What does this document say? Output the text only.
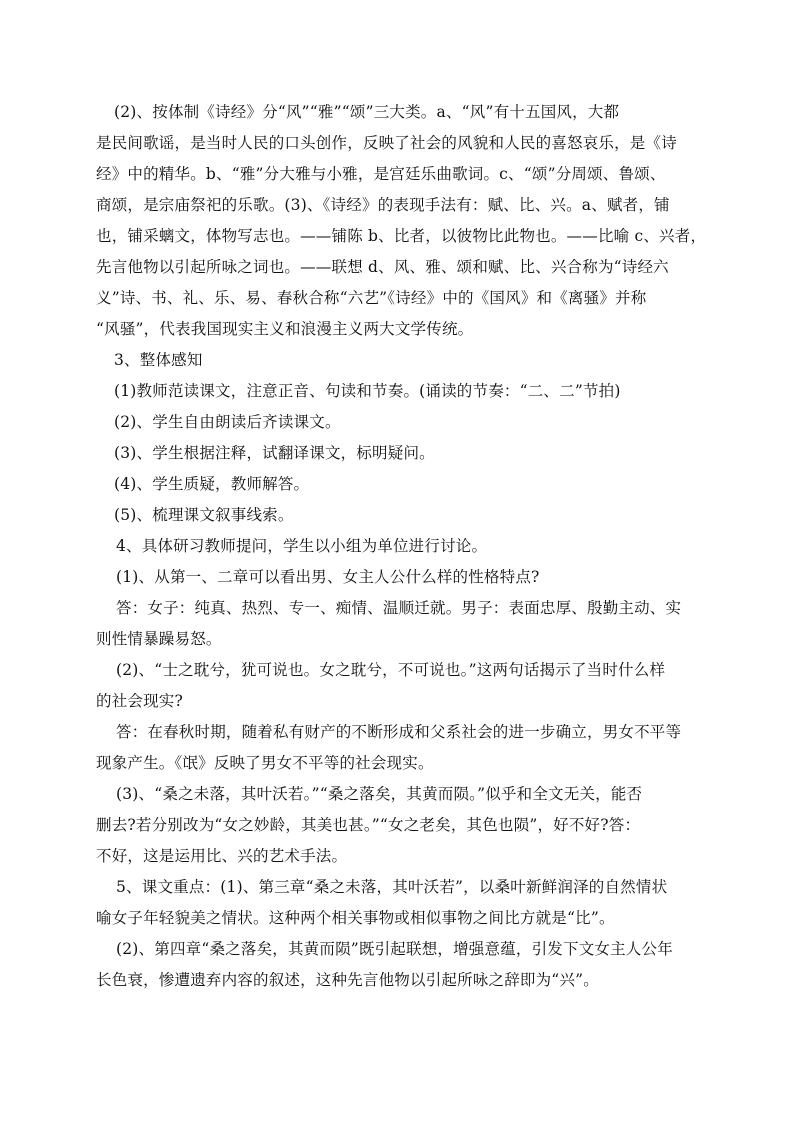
(2)、按体制《诗经》分“风”“雅”“颂”三大类。a、“风”有十五国风，大都
是民间歌谣，是当时人民的口头创作，反映了社会的风貌和人民的喜怒哀乐，是《诗
经》中的精华。b、“雅”分大雅与小雅，是宫廷乐曲歌词。c、“颂”分周颂、鲁颂、
商颂，是宗庙祭祀的乐歌。(3)、《诗经》的表现手法有：赋、比、兴。a、赋者，铺
也，铺采螭文，体物写志也。——铺陈 b、比者，以彼物比此物也。——比喻 c、兴者，
先言他物以引起所咏之词也。——联想 d、风、雅、颂和赋、比、兴合称为“诗经六
义”诗、书、礼、乐、易、春秋合称“六艺”《诗经》中的《国风》和《离骚》并称
“风骚”，代表我国现实主义和浪漫主义两大文学传统。
3、整体感知
(1)教师范读课文，注意正音、句读和节奏。(诵读的节奏：“二、二”节拍)
(2)、学生自由朗读后齐读课文。
(3)、学生根据注释，试翻译课文，标明疑问。
(4)、学生质疑，教师解答。
(5)、梳理课文叙事线索。
4、具体研习教师提问，学生以小组为单位进行讨论。
(1)、从第一、二章可以看出男、女主人公什么样的性格特点?
答：女子：纯真、热烈、专一、痴情、温顺迁就。男子：表面忠厚、殷勤主动、实
则性情暴躁易怒。
(2)、“士之耽兮，犹可说也。女之耽兮，不可说也。”这两句话揭示了当时什么样
的社会现实?
答：在春秋时期，随着私有财产的不断形成和父系社会的进一步确立，男女不平等
现象产生。《氓》反映了男女不平等的社会现实。
(3)、“桑之未落，其叶沃若。”“桑之落矣，其黄而陨。”似乎和全文无关，能否
删去?若分别改为“女之妙龄，其美也甚。”“女之老矣，其色也陨”，好不好?答：
不好，这是运用比、兴的艺术手法。
5、课文重点：(1)、第三章“桑之未落，其叶沃若”，以桑叶新鲜润泽的自然情状
喻女子年轻貌美之情状。这种两个相关事物或相似事物之间比方就是“比”。
(2)、第四章“桑之落矣，其黄而陨”既引起联想，增强意蕴，引发下文女主人公年
长色衰，惨遭遗弃内容的叙述，这种先言他物以引起所咏之辞即为“兴”。
